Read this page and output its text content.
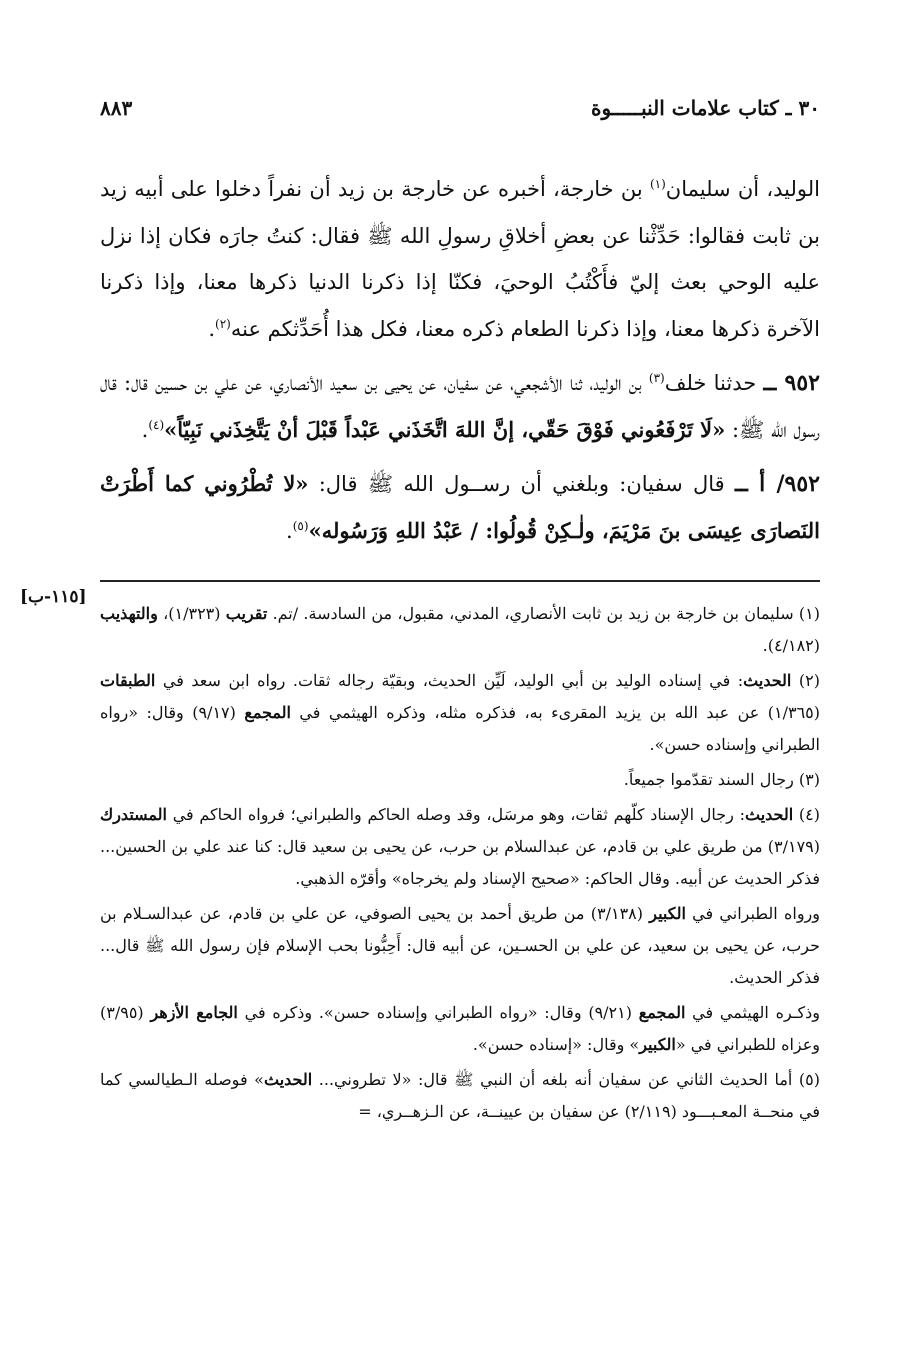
٣٠ ـ كتاب علامات النبـــــوة
٨٨٣

الوليد، أن سليمان$^{(١)}$ بن خارجة، أخبره عن خارجة بن زيد أن نفراً دخلوا على أبيه زيد بن ثابت فقالوا: حَدِّثْنا عن بعضِ أخلاقِ رسولِ الله ﷺ فقال: كنتُ جارَه فكان إذا نزل عليه الوحي بعث إليّ فأَكْتُبُ الوحيَ، فكنّا إذا ذكرنا الدنيا ذكرها معنا، وإذا ذكرنا الآخرة ذكرها معنا، وإذا ذكرنا الطعام ذكره معنا، فكل هذا أُحَدِّثكم عنه$^{(٢)}$.

٩٥٢ ــ حدثنا خلف$^{(٣)}$ بن الوليد، ثنا الأشجعي، عن سفيان، عن يحيى بن سعيد الأنصاري، عن علي بن حسين قال: قال رسول الله ﷺ: «لَا تَرْفَعُوني فَوْقَ حَقّي، إنَّ اللهَ اتَّخَذَني عَبْداً قَبْلَ أنْ يَتَّخِذَني نَبِيّاً»$^{(٤)}$.

٩٥٢/ أ ــ قال سفيان: وبلغني أن رســول الله ﷺ قال: «لا تُطْرُوني كما أَطْرَتْ النَصارَى عِيسَى بنَ مَرْيَمَ، ولٰـكِنْ قُولُوا: / عَبْدُ اللهِ وَرَسُوله»$^{(٥)}$.

(١) سليمان بن خارجة بن زيد بن ثابت الأنصاري، المدني، مقبول، من السادسة. /تم. تقريب (١/٣٢٣)، والتهذيب (٤/١٨٢).

(٢) الحديث: في إسناده الوليد بن أبي الوليد، لَيِّن الحديث، وبقيّة رجاله ثقات. رواه ابن سعد في الطبقات (١/٣٦٥) عن عبد الله بن يزيد المقرىء به، فذكره مثله، وذكره الهيثمي في المجمع (٩/١٧) وقال: «رواه الطبراني وإسناده حسن».

(٣) رجال السند تقدّموا جميعاً.

(٤) الحديث: رجال الإسناد كلّهم ثقات، وهو مرسَل، وقد وصله الحاكم والطبراني؛ فرواه الحاكم في المستدرك (٣/١٧٩) من طريق علي بن قادم، عن عبدالسلام بن حرب، عن يحيى بن سعيد قال: كنا عند علي بن الحسين... فذكر الحديث عن أبيه. وقال الحاكم: «صحيح الإسناد ولم يخرجاه» وأقرّه الذهبي.

ورواه الطبراني في الكبير (٣/١٣٨) من طريق أحمد بن يحيى الصوفي، عن علي بن قادم، عن عبدالسـلام بن حرب، عن يحيى بن سعيد، عن علي بن الحسـين، عن أبيه قال: أَحِبُّونا بحب الإسلام فإن رسول الله ﷺ قال... فذكر الحديث.

وذكـره الهيثمي في المجمع (٩/٢١) وقال: «رواه الطبراني وإسناده حسن». وذكره في الجامع الأزهر (٣/٩٥) وعزاه للطبراني في «الكبير» وقال: «إسناده حسن».

(٥) أما الحديث الثاني عن سفيان أنه بلغه أن النبي ﷺ قال: «لا تطروني... الحديث» فوصله الـطيالسي كما في منحــة المعـبـــود (٢/١١٩) عن سفيان بن عيينــة، عن الـزهــري، =

[١١٥-ب]
